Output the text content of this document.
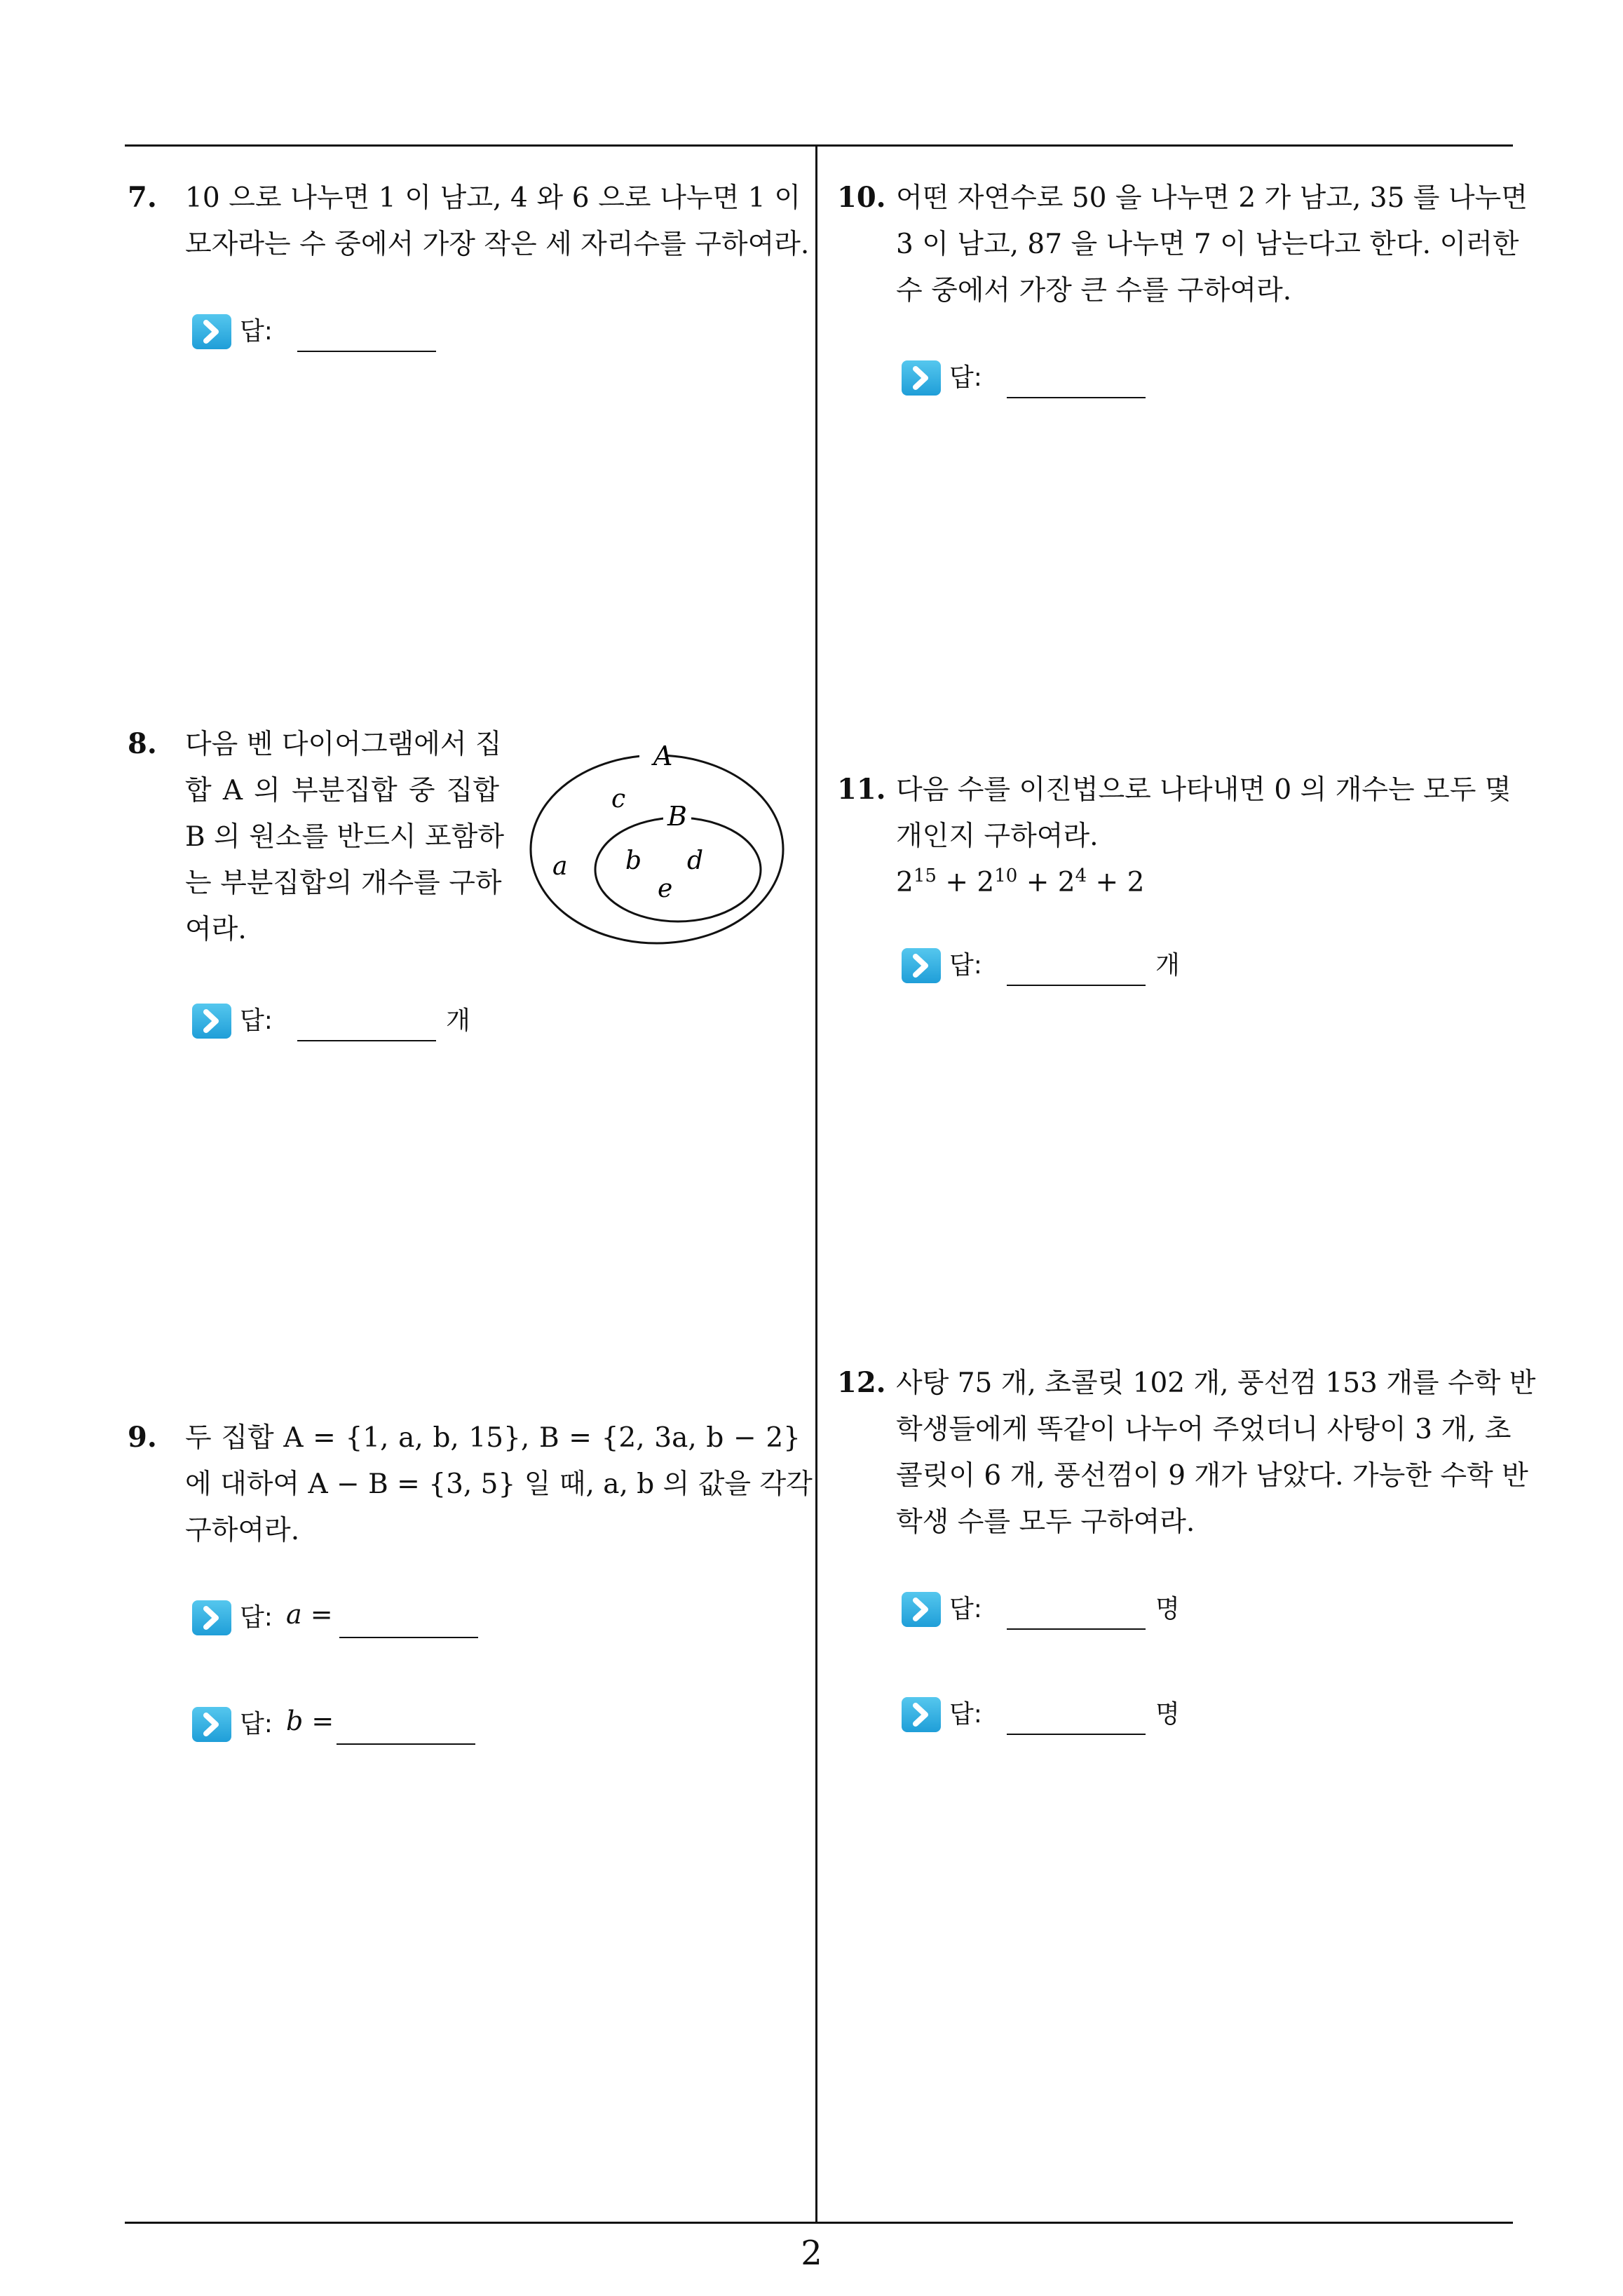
7. 10 으로 나누면 1 이 남고, 4 와 6 으로 나누면 1 이
모자라는 수 중에서 가장 작은 세 자리수를 구하여라.
답:
8. 다음 벤 다이어그램에서 집
합 A 의 부분집합 중 집합
B 의 원소를 반드시 포함하
는 부분집합의 개수를 구하
여라.
A
B
c
a b d
e
답:	개
9. 두 집합 A = {1, a, b, 15}, B = {2, 3a, b − 2}
에 대하여 A − B = {3, 5} 일 때, a, b 의 값을 각각
구하여라.
답: a =
답: b =
10. 어떤 자연수로 50 을 나누면 2 가 남고, 35 를 나누면
3 이 남고, 87 을 나누면 7 이 남는다고 한다. 이러한
수 중에서 가장 큰 수를 구하여라.
답:
11. 다음 수를 이진법으로 나타내면 0 의 개수는 모두 몇
개인지 구하여라.
$2^{15} + 2^{10} + 2^4 + 2$
답:	개
12. 사탕 75 개, 초콜릿 102 개, 풍선껌 153 개를 수학 반
학생들에게 똑같이 나누어 주었더니 사탕이 3 개, 초
콜릿이 6 개, 풍선껌이 9 개가 남았다. 가능한 수학 반
학생 수를 모두 구하여라.
답:	명
답:	명
2
